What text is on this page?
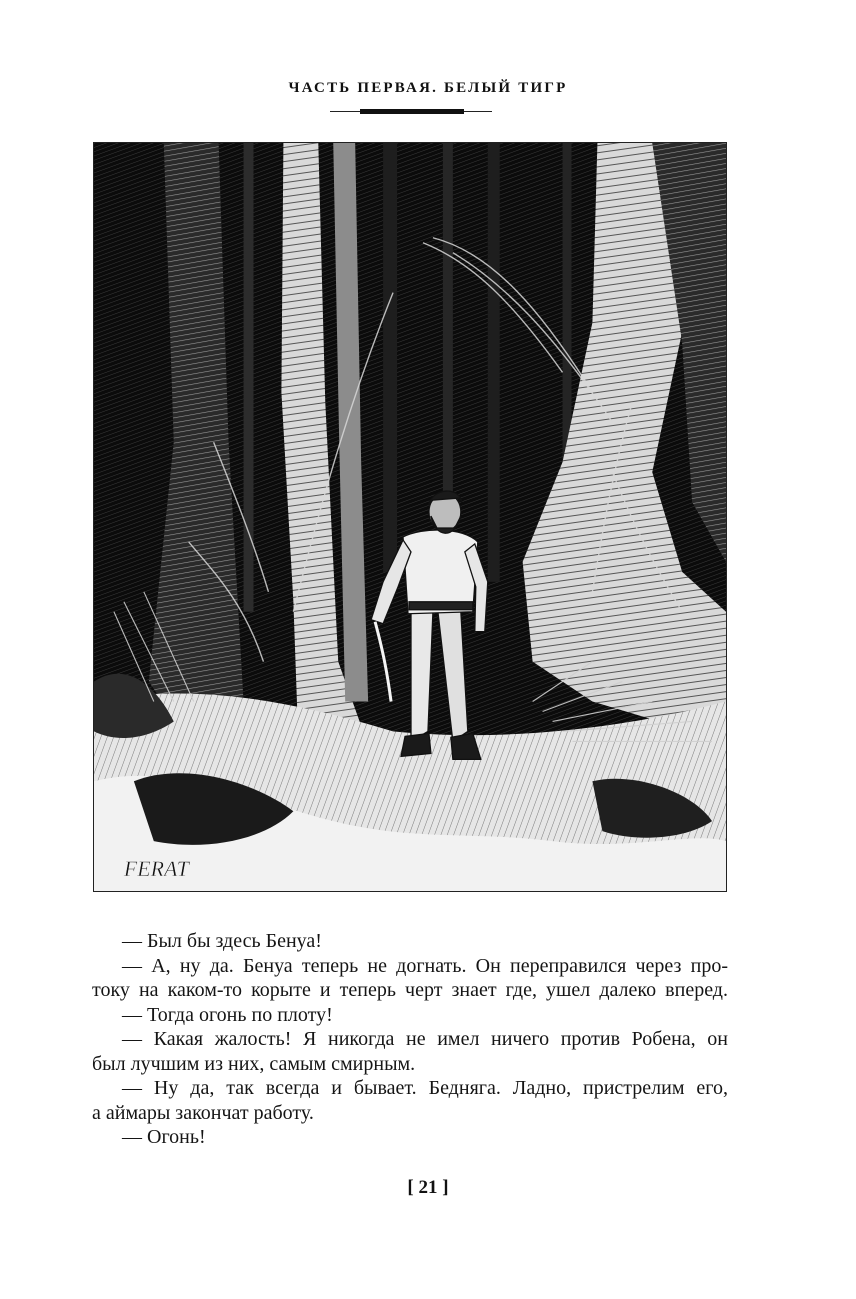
ЧАСТЬ ПЕРВАЯ. БЕЛЫЙ ТИГР
FERAT
— Был бы здесь Бенуа!
— А, ну да. Бенуа теперь не догнать. Он переправился через про-
току на каком-то корыте и теперь черт знает где, ушел далеко вперед.
— Тогда огонь по плоту!
— Какая жалость! Я никогда не имел ничего против Робена, он
был лучшим из них, самым смирным.
— Ну да, так всегда и бывает. Бедняга. Ладно, пристрелим его,
а аймары закончат работу.
— Огонь!
[ 21 ]
